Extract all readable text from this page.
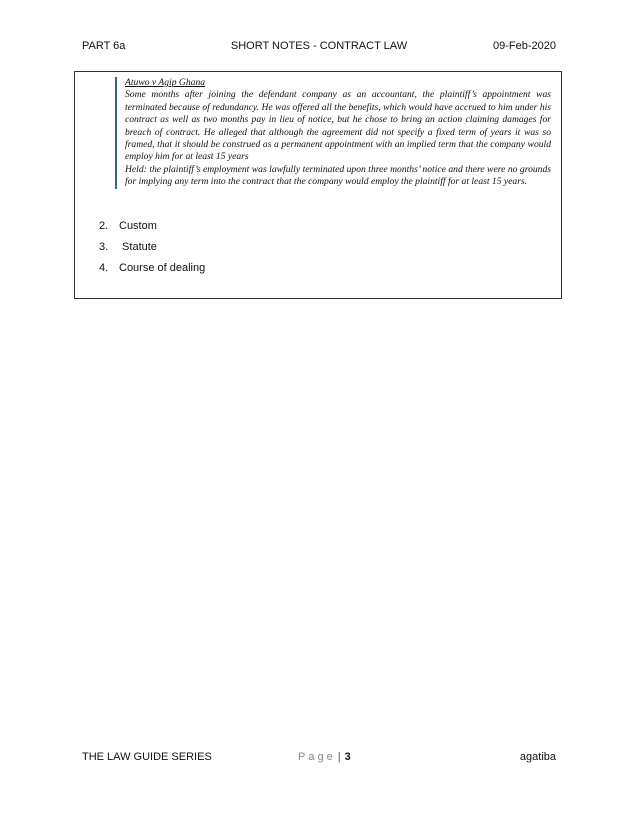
PART 6a	SHORT NOTES - CONTRACT LAW	09-Feb-2020

Atuwo v Agip Ghana

Some months after joining the defendant company as an accountant, the plaintiff’s appointment was terminated because of redundancy. He was offered all the benefits, which would have accrued to him under his contract as well as two months pay in lieu of notice, but he chose to bring an action claiming damages for breach of contract. He alleged that although the agreement did not specify a fixed term of years it was so framed, that it should be construed as a permanent appointment with an implied term that the company would employ him for at least 15 years

Held: the plaintiff’s employment was lawfully terminated upon three months’ notice and there were no grounds for implying any term into the contract that the company would employ the plaintiff for at least 15 years.

2. Custom
3. Statute
4. Course of dealing
THE LAW GUIDE SERIES	Page | 3	agatiba
